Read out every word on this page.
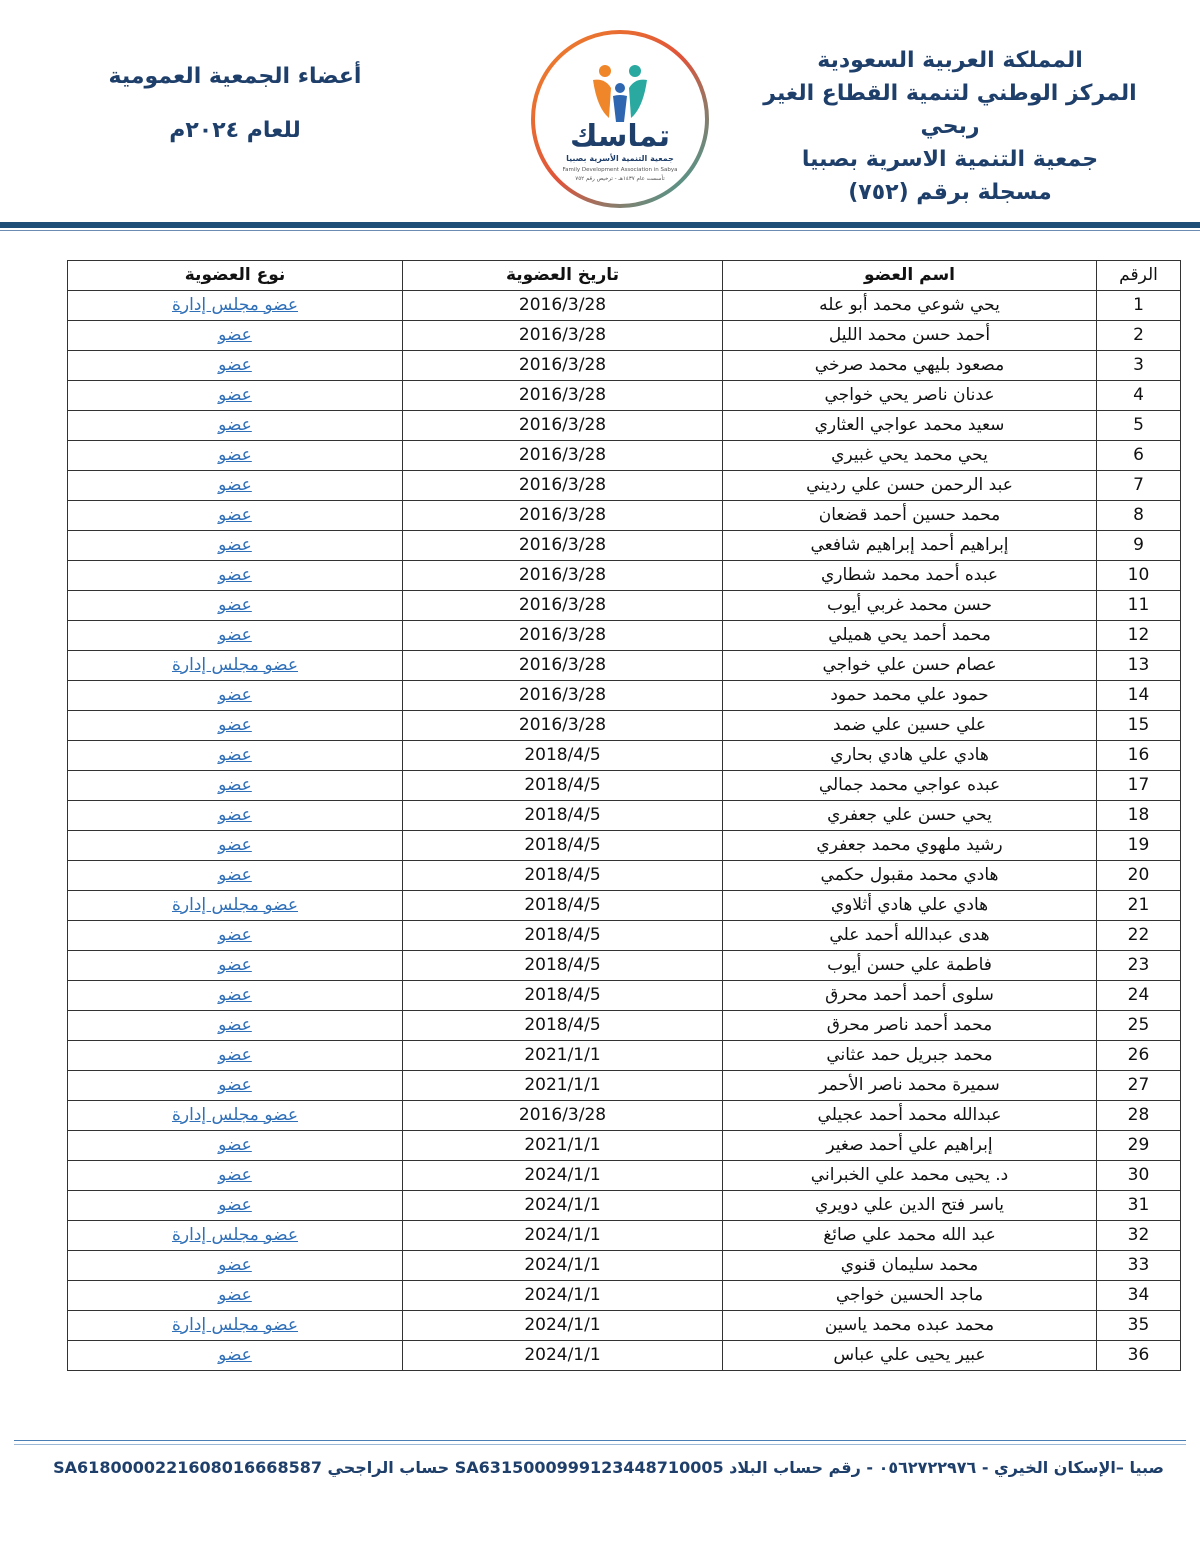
المملكة العربية السعودية
المركز الوطني لتنمية القطاع الغير ربحي
جمعية التنمية الاسرية بصبيا
مسجلة برقم (٧٥٢)
تماسك
جمعية التنمية الأسرية بصبيا
Family Development Association in Sabya
تأسست عام ١٤٣٧هـ - ترخيص رقم ٧٥٢
أعضاء الجمعية العمومية
للعام ٢٠٢٤م
الرقم	اسم العضو	تاريخ العضوية	نوع العضوية
1	يحي شوعي محمد أبو عله	2016/3/28	عضو مجلس إدارة
2	أحمد حسن محمد الليل	2016/3/28	عضو
3	مصعود بليهي محمد صرخي	2016/3/28	عضو
4	عدنان ناصر يحي خواجي	2016/3/28	عضو
5	سعيد محمد عواجي العثاري	2016/3/28	عضو
6	يحي محمد يحي غبيري	2016/3/28	عضو
7	عبد الرحمن حسن علي رديني	2016/3/28	عضو
8	محمد حسين أحمد قضعان	2016/3/28	عضو
9	إبراهيم أحمد إبراهيم شافعي	2016/3/28	عضو
10	عبده أحمد محمد شطاري	2016/3/28	عضو
11	حسن محمد غربي أيوب	2016/3/28	عضو
12	محمد أحمد يحي هميلي	2016/3/28	عضو
13	عصام حسن علي خواجي	2016/3/28	عضو مجلس إدارة
14	حمود علي محمد حمود	2016/3/28	عضو
15	علي حسين علي ضمد	2016/3/28	عضو
16	هادي علي هادي بحاري	2018/4/5	عضو
17	عبده عواجي محمد جمالي	2018/4/5	عضو
18	يحي حسن علي جعفري	2018/4/5	عضو
19	رشيد ملهوي محمد جعفري	2018/4/5	عضو
20	هادي محمد مقبول حكمي	2018/4/5	عضو
21	هادي علي هادي أثلاوي	2018/4/5	عضو مجلس إدارة
22	هدى عبدالله أحمد علي	2018/4/5	عضو
23	فاطمة علي حسن أيوب	2018/4/5	عضو
24	سلوى أحمد أحمد محرق	2018/4/5	عضو
25	محمد أحمد ناصر محرق	2018/4/5	عضو
26	محمد جبريل حمد عثاني	2021/1/1	عضو
27	سميرة محمد ناصر الأحمر	2021/1/1	عضو
28	عبدالله محمد أحمد عجيلي	2016/3/28	عضو مجلس إدارة
29	إبراهيم علي أحمد صغير	2021/1/1	عضو
30	د. يحيى محمد علي الخبراني	2024/1/1	عضو
31	ياسر فتح الدين علي دويري	2024/1/1	عضو
32	عبد الله محمد علي صائغ	2024/1/1	عضو مجلس إدارة
33	محمد سليمان قنوي	2024/1/1	عضو
34	ماجد الحسين خواجي	2024/1/1	عضو
35	محمد عبده محمد ياسين	2024/1/1	عضو مجلس إدارة
36	عبير يحيى علي عباس	2024/1/1	عضو
صبيا –الإسكان الخيري - ٠٥٦٢٧٢٢٩٧٦ - رقم حساب البلاد SA6315000999123448710005 حساب الراجحي SA6180000221608016668587
